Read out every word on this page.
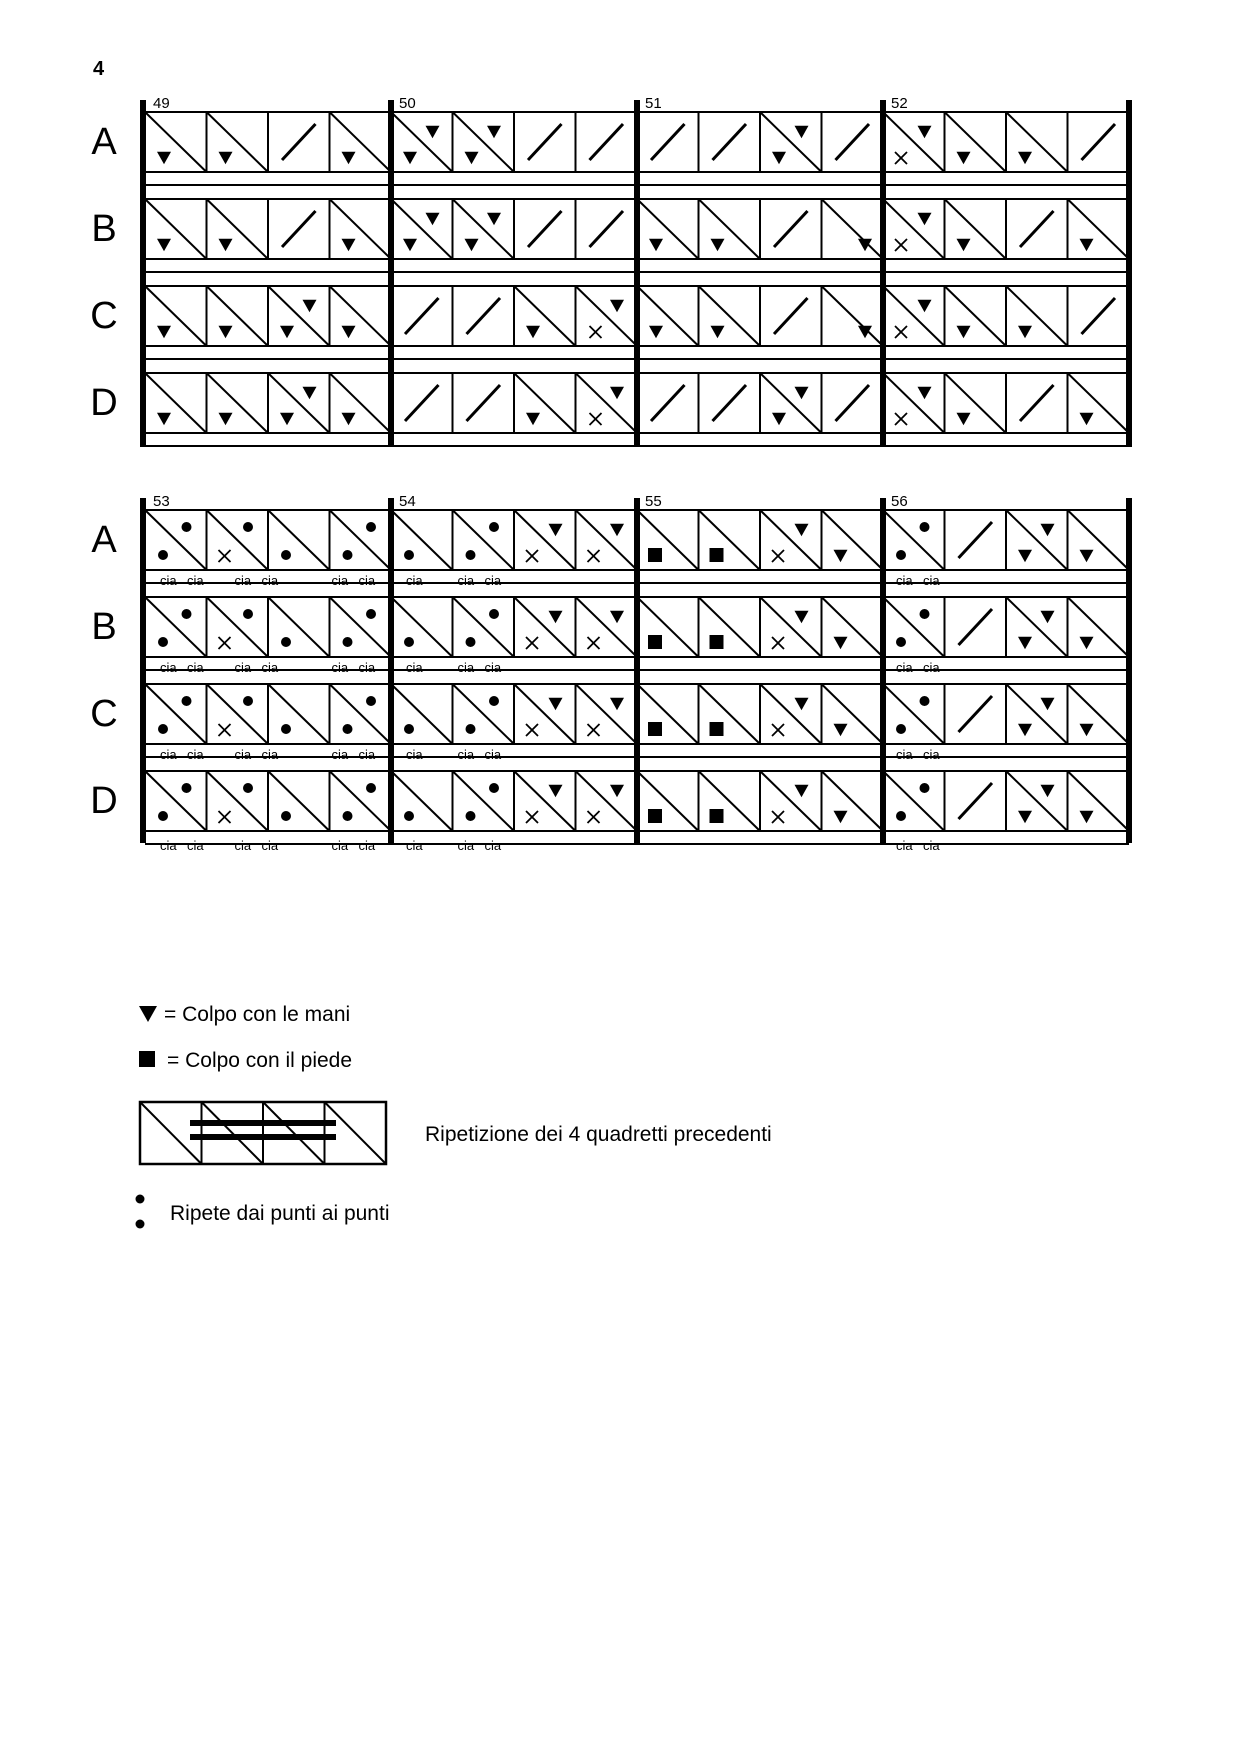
4
49	50	51	52
A
B
C
D
53	54	55	56
A
cia cia cia cia	cia cia cia	cia cia	cia cia
B
cia cia cia cia	cia cia cia	cia cia	cia cia
C
cia cia cia cia	cia cia cia	cia cia	cia cia
D
cia cia cia cia	cia cia cia	cia cia	cia cia
= Colpo con le mani
= Colpo con il piede
Ripetizione dei 4 quadretti precedenti
Ripete dai punti ai punti
